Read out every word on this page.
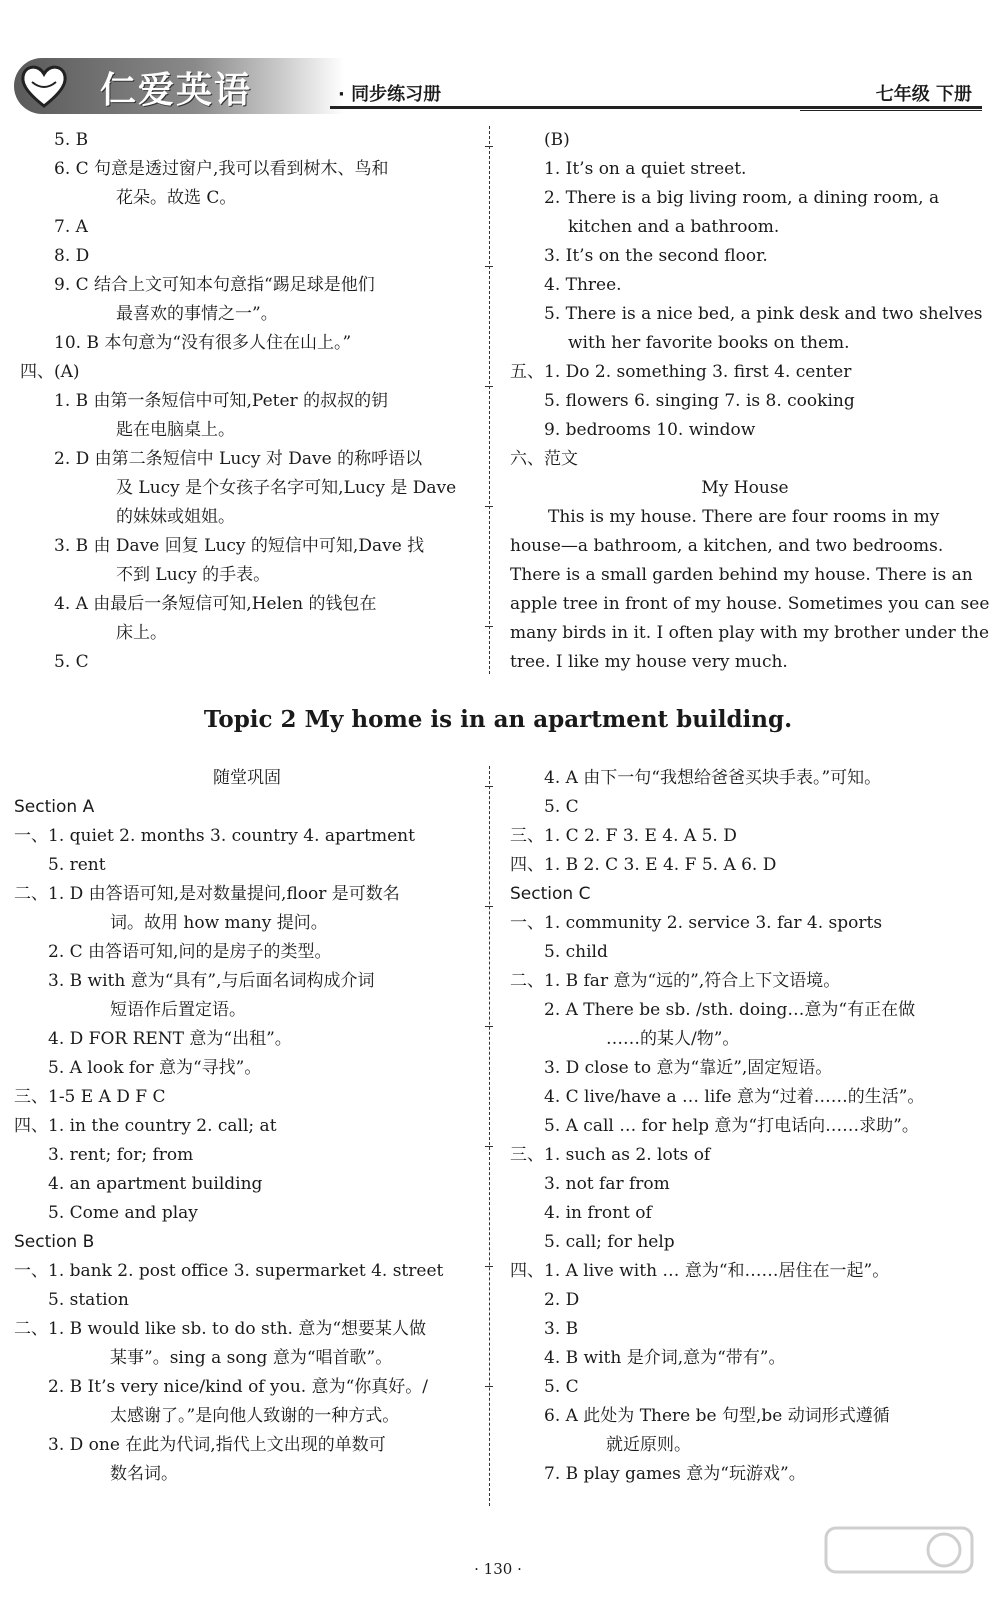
仁爱英语	· 同步练习册	七年级 下册
5. B
6. C 句意是透过窗户,我可以看到树木、鸟和
花朵。故选 C。
7. A
8. D
9. C 结合上文可知本句意指“踢足球是他们
最喜欢的事情之一”。
10. B 本句意为“没有很多人住在山上。”
四、(A)
1. B 由第一条短信中可知,Peter 的叔叔的钥
匙在电脑桌上。
2. D 由第二条短信中 Lucy 对 Dave 的称呼语以
及 Lucy 是个女孩子名字可知,Lucy 是 Dave
的妹妹或姐姐。
3. B 由 Dave 回复 Lucy 的短信中可知,Dave 找
不到 Lucy 的手表。
4. A 由最后一条短信可知,Helen 的钱包在
床上。
5. C
(B)
1. It’s on a quiet street.
2. There is a big living room, a dining room, a
kitchen and a bathroom.
3. It’s on the second floor.
4. Three.
5. There is a nice bed, a pink desk and two shelves
with her favorite books on them.
五、1. Do 2. something 3. first 4. center
5. flowers 6. singing 7. is 8. cooking
9. bedrooms 10. window
六、范文
My House
This is my house. There are four rooms in my
house—a bathroom, a kitchen, and two bedrooms.
There is a small garden behind my house. There is an
apple tree in front of my house. Sometimes you can see
many birds in it. I often play with my brother under the
tree. I like my house very much.
Topic 2 My home is in an apartment building.
随堂巩固
Section A
一、1. quiet 2. months 3. country 4. apartment
5. rent
二、1. D 由答语可知,是对数量提问,floor 是可数名
词。故用 how many 提问。
2. C 由答语可知,问的是房子的类型。
3. B with 意为“具有”,与后面名词构成介词
短语作后置定语。
4. D FOR RENT 意为“出租”。
5. A look for 意为“寻找”。
三、1-5 E A D F C
四、1. in the country 2. call; at
3. rent; for; from
4. an apartment building
5. Come and play
Section B
一、1. bank 2. post office 3. supermarket 4. street
5. station
二、1. B would like sb. to do sth. 意为“想要某人做
某事”。sing a song 意为“唱首歌”。
2. B It’s very nice/kind of you. 意为“你真好。/
太感谢了。”是向他人致谢的一种方式。
3. D one 在此为代词,指代上文出现的单数可
数名词。
4. A 由下一句“我想给爸爸买块手表。”可知。
5. C
三、1. C 2. F 3. E 4. A 5. D
四、1. B 2. C 3. E 4. F 5. A 6. D
Section C
一、1. community 2. service 3. far 4. sports
5. child
二、1. B far 意为“远的”,符合上下文语境。
2. A There be sb. /sth. doing…意为“有正在做
……的某人/物”。
3. D close to 意为“靠近”,固定短语。
4. C live/have a … life 意为“过着……的生活”。
5. A call … for help 意为“打电话向……求助”。
三、1. such as 2. lots of
3. not far from
4. in front of
5. call; for help
四、1. A live with … 意为“和……居住在一起”。
2. D
3. B
4. B with 是介词,意为“带有”。
5. C
6. A 此处为 There be 句型,be 动词形式遵循
就近原则。
7. B play games 意为“玩游戏”。
· 130 ·
